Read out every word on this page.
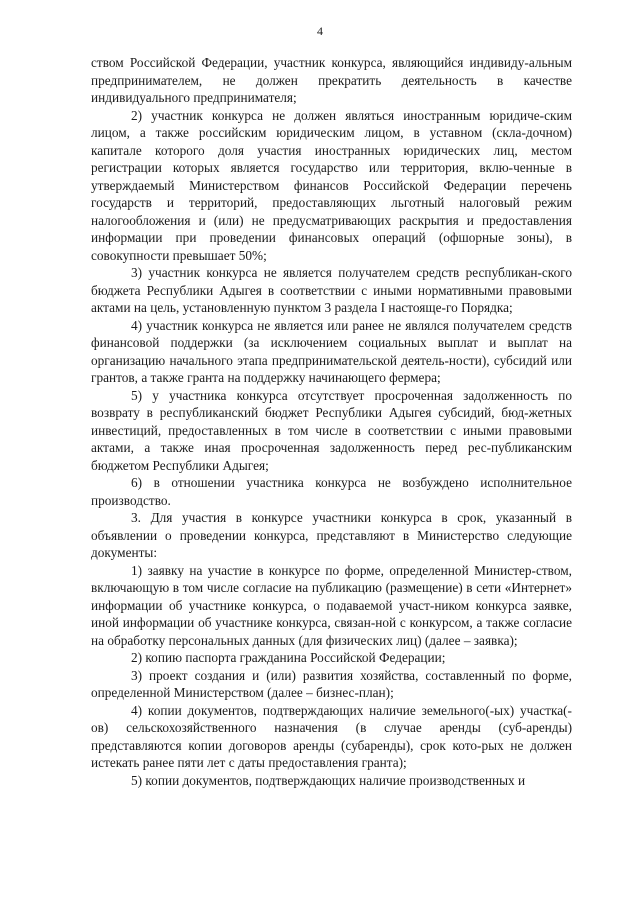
4

ством Российской Федерации, участник конкурса, являющийся индивиду-альным предпринимателем, не должен прекратить деятельность в качестве индивидуального предпринимателя;

2) участник конкурса не должен являться иностранным юридиче-ским лицом, а также российским юридическим лицом, в уставном (скла-дочном) капитале которого доля участия иностранных юридических лиц, местом регистрации которых является государство или территория, вклю-ченные в утверждаемый Министерством финансов Российской Федерации перечень государств и территорий, предоставляющих льготный налоговый режим налогообложения и (или) не предусматривающих раскрытия и предоставления информации при проведении финансовых операций (офшорные зоны), в совокупности превышает 50%;

3) участник конкурса не является получателем средств республикан-ского бюджета Республики Адыгея в соответствии с иными нормативными правовыми актами на цель, установленную пунктом 3 раздела I настояще-го Порядка;

4) участник конкурса не является или ранее не являлся получателем средств финансовой поддержки (за исключением социальных выплат и выплат на организацию начального этапа предпринимательской деятель-ности), субсидий или грантов, а также гранта на поддержку начинающего фермера;

5) у участника конкурса отсутствует просроченная задолженность по возврату в республиканский бюджет Республики Адыгея субсидий, бюд-жетных инвестиций, предоставленных в том числе в соответствии с иными правовыми актами, а также иная просроченная задолженность перед рес-публиканским бюджетом Республики Адыгея;

6) в отношении участника конкурса не возбуждено исполнительное производство.

3. Для участия в конкурсе участники конкурса в срок, указанный в объявлении о проведении конкурса, представляют в Министерство следующие документы:

1) заявку на участие в конкурсе по форме, определенной Министер-ством, включающую в том числе согласие на публикацию (размещение) в сети «Интернет» информации об участнике конкурса, о подаваемой участ-ником конкурса заявке, иной информации об участнике конкурса, связан-ной с конкурсом, а также согласие на обработку персональных данных (для физических лиц) (далее – заявка);

2) копию паспорта гражданина Российской Федерации;

3) проект создания и (или) развития хозяйства, составленный по форме, определенной Министерством (далее – бизнес-план);

4) копии документов, подтверждающих наличие земельного(-ых) участка(-ов) сельскохозяйственного назначения (в случае аренды (суб-аренды) представляются копии договоров аренды (субаренды), срок кото-рых не должен истекать ранее пяти лет с даты предоставления гранта);

5) копии документов, подтверждающих наличие производственных и
